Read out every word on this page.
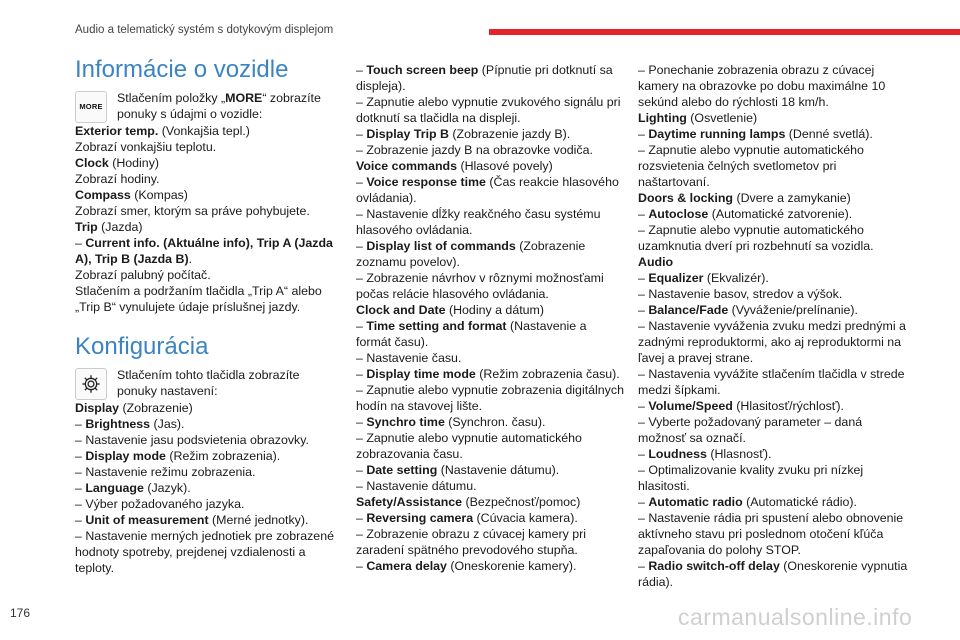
Audio a telematický systém s dotykovým displejom
Informácie o vozidle
MORE

Stlačením položky „MORE“ zobrazíte ponuky s údajmi o vozidle:

Exterior temp. (Vonkajšia tepl.)

Zobrazí vonkajšiu teplotu.

Clock (Hodiny)

Zobrazí hodiny.

Compass (Kompas)

Zobrazí smer, ktorým sa práve pohybujete.

Trip (Jazda)

– Current info. (Aktuálne info), Trip A (Jazda A), Trip B (Jazda B).

Zobrazí palubný počítač.

Stlačením a podržaním tlačidla „Trip A“ alebo „Trip B“ vynulujete údaje príslušnej jazdy.

Konfigurácia

Stlačením tohto tlačidla zobrazíte ponuky nastavení:

Display (Zobrazenie)

– Brightness (Jas).

– Nastavenie jasu podsvietenia obrazovky.

– Display mode (Režim zobrazenia).

– Nastavenie režimu zobrazenia.

– Language (Jazyk).

– Výber požadovaného jazyka.

– Unit of measurement (Merné jednotky).

– Nastavenie merných jednotiek pre zobrazené hodnoty spotreby, prejdenej vzdialenosti a teploty.

– Touch screen beep (Pípnutie pri dotknutí sa displeja).

– Zapnutie alebo vypnutie zvukového signálu pri dotknutí sa tlačidla na displeji.

– Display Trip B (Zobrazenie jazdy B).

– Zobrazenie jazdy B na obrazovke vodiča.

Voice commands (Hlasové povely)

– Voice response time (Čas reakcie hlasového ovládania).

– Nastavenie dĺžky reakčného času systému hlasového ovládania.

– Display list of commands (Zobrazenie zoznamu povelov).

– Zobrazenie návrhov v rôznymi možnosťami počas relácie hlasového ovládania.

Clock and Date (Hodiny a dátum)

– Time setting and format (Nastavenie a formát času).

– Nastavenie času.

– Display time mode (Režim zobrazenia času).

– Zapnutie alebo vypnutie zobrazenia digitálnych hodín na stavovej lište.

– Synchro time (Synchron. času).

– Zapnutie alebo vypnutie automatického zobrazovania času.

– Date setting (Nastavenie dátumu).

– Nastavenie dátumu.

Safety/Assistance (Bezpečnosť/pomoc)

– Reversing camera (Cúvacia kamera).

– Zobrazenie obrazu z cúvacej kamery pri zaradení spätného prevodového stupňa.

– Camera delay (Oneskorenie kamery).

– Ponechanie zobrazenia obrazu z cúvacej kamery na obrazovke po dobu maximálne 10 sekúnd alebo do rýchlosti 18 km/h.

Lighting (Osvetlenie)

– Daytime running lamps (Denné svetlá).

– Zapnutie alebo vypnutie automatického rozsvietenia čelných svetlometov pri naštartovaní.

Doors & locking (Dvere a zamykanie)

– Autoclose (Automatické zatvorenie).

– Zapnutie alebo vypnutie automatického uzamknutia dverí pri rozbehnutí sa vozidla.

Audio

– Equalizer (Ekvalizér).

– Nastavenie basov, stredov a výšok.

– Balance/Fade (Vyváženie/prelínanie).

– Nastavenie vyváženia zvuku medzi prednými a zadnými reproduktormi, ako aj reproduktormi na ľavej a pravej strane.

– Nastavenia vyvážite stlačením tlačidla v strede medzi šípkami.

– Volume/Speed (Hlasitosť/rýchlosť).

– Vyberte požadovaný parameter – daná možnosť sa označí.

– Loudness (Hlasnosť).

– Optimalizovanie kvality zvuku pri nízkej hlasitosti.

– Automatic radio (Automatické rádio).

– Nastavenie rádia pri spustení alebo obnovenie aktívneho stavu pri poslednom otočení kľúča zapaľovania do polohy STOP.

– Radio switch-off delay (Oneskorenie vypnutia rádia).

176	carmanualsonline.info
